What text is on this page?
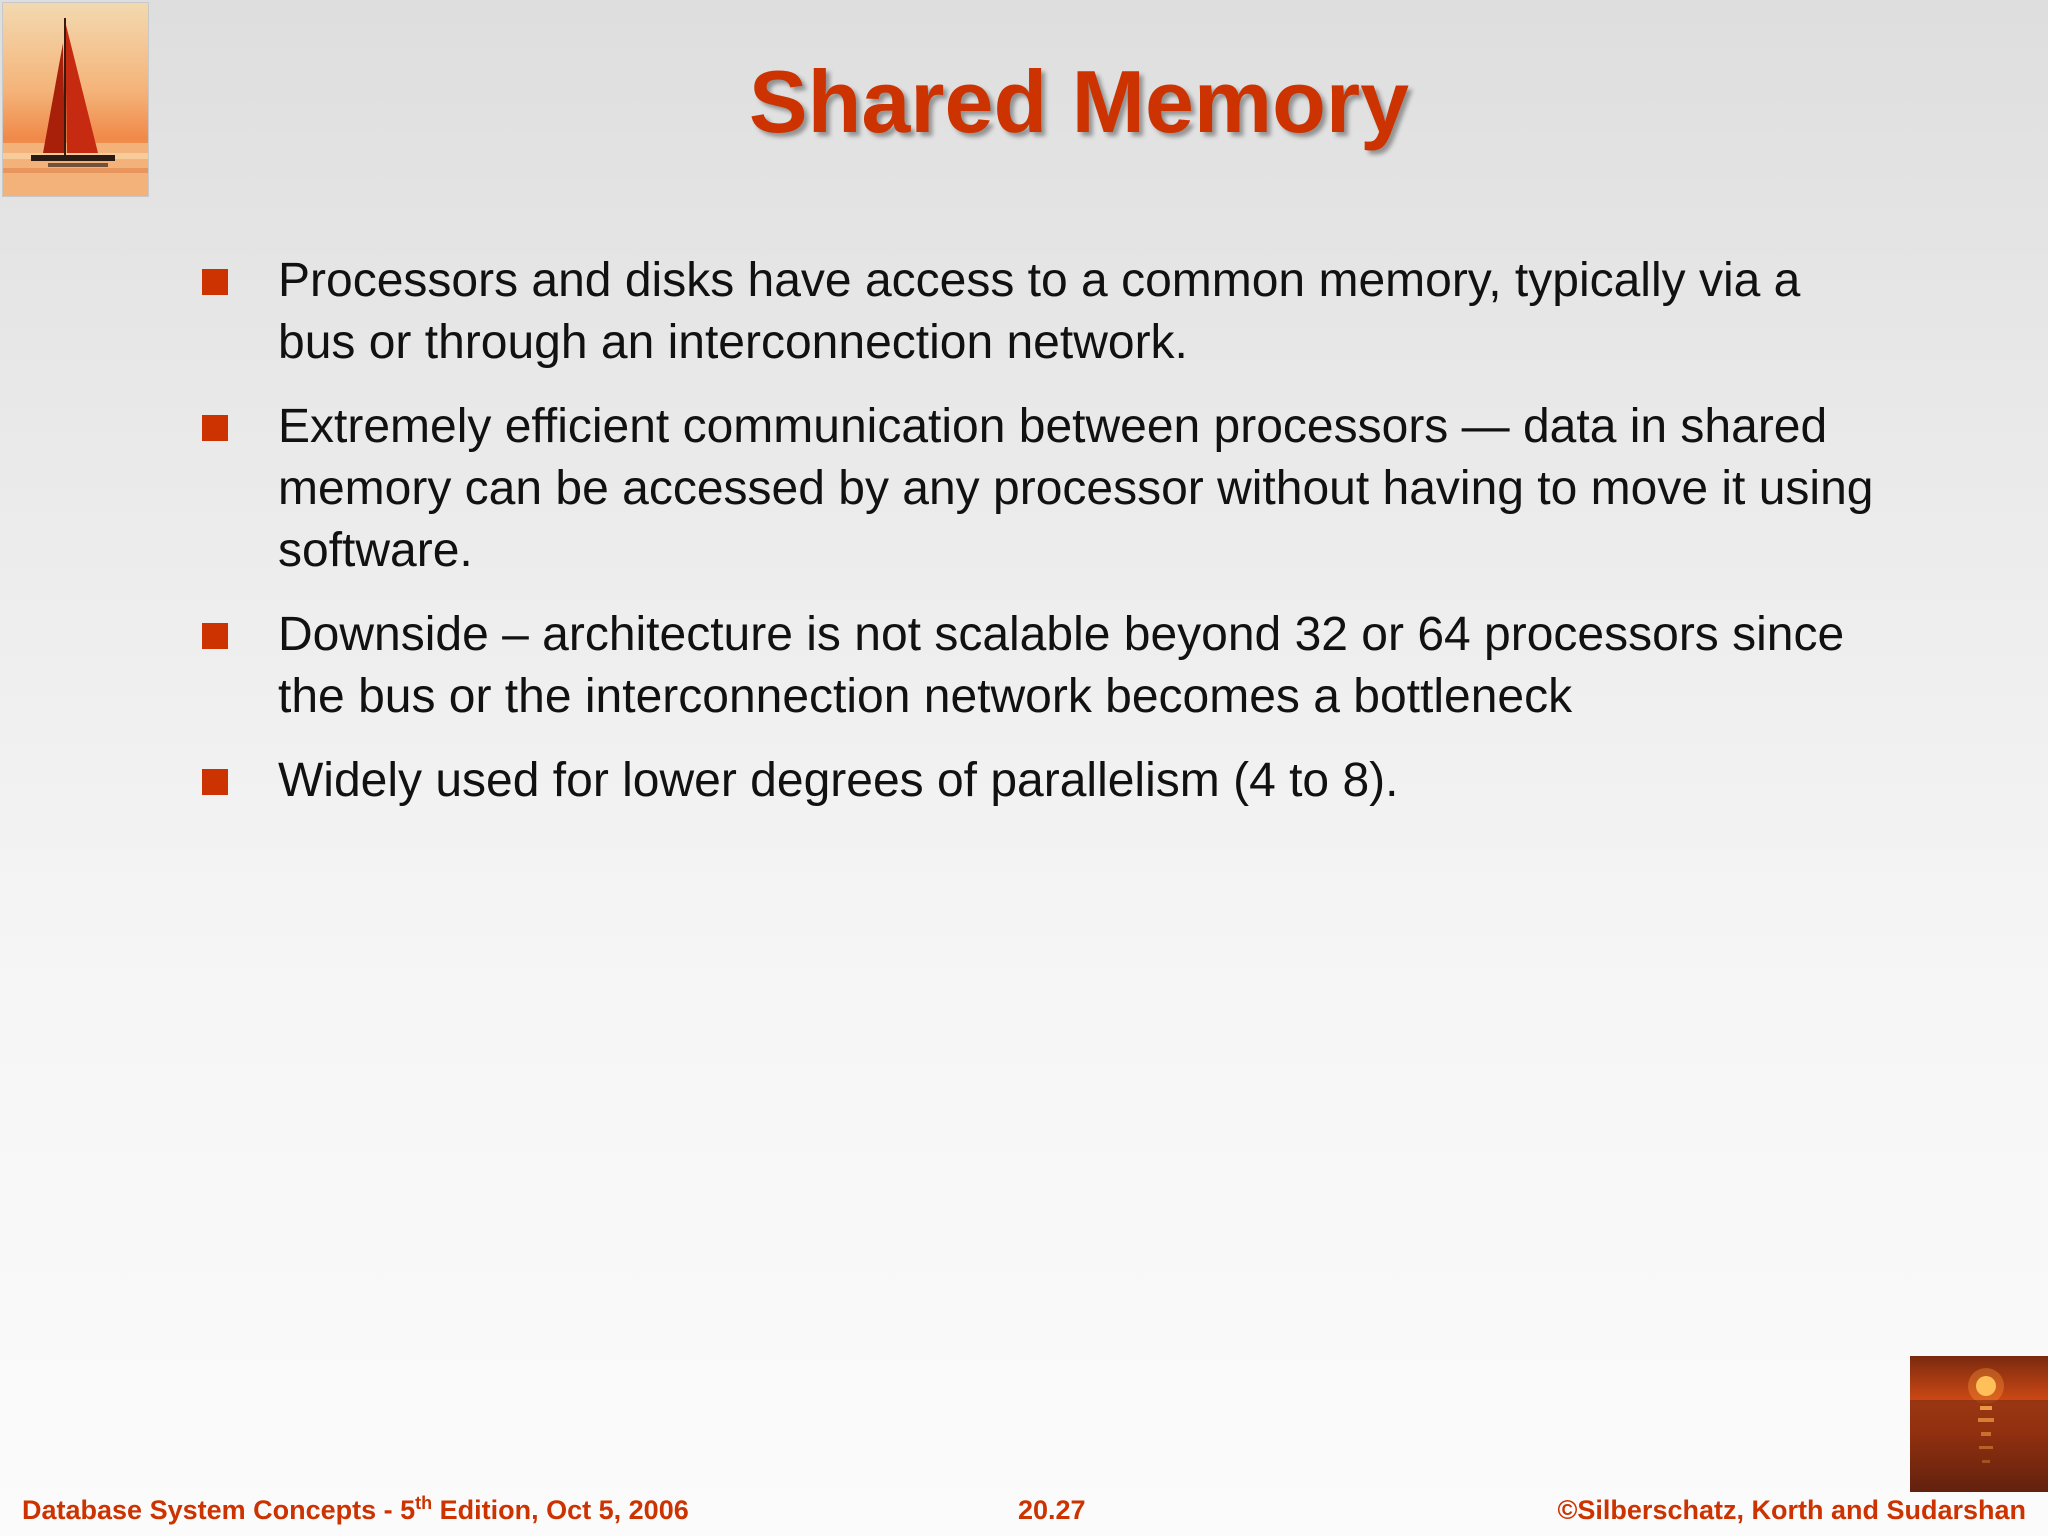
Shared Memory
Processors and disks have access to a common memory, typically via a bus or through an interconnection network.
Extremely efficient communication between processors — data in shared memory can be accessed by any processor without having to move it using software.
Downside – architecture is not scalable beyond 32 or 64 processors since the bus or the interconnection network becomes a bottleneck
Widely used for lower degrees of parallelism (4 to 8).
Database System Concepts - 5th Edition, Oct 5, 2006	20.27	©Silberschatz, Korth and Sudarshan
